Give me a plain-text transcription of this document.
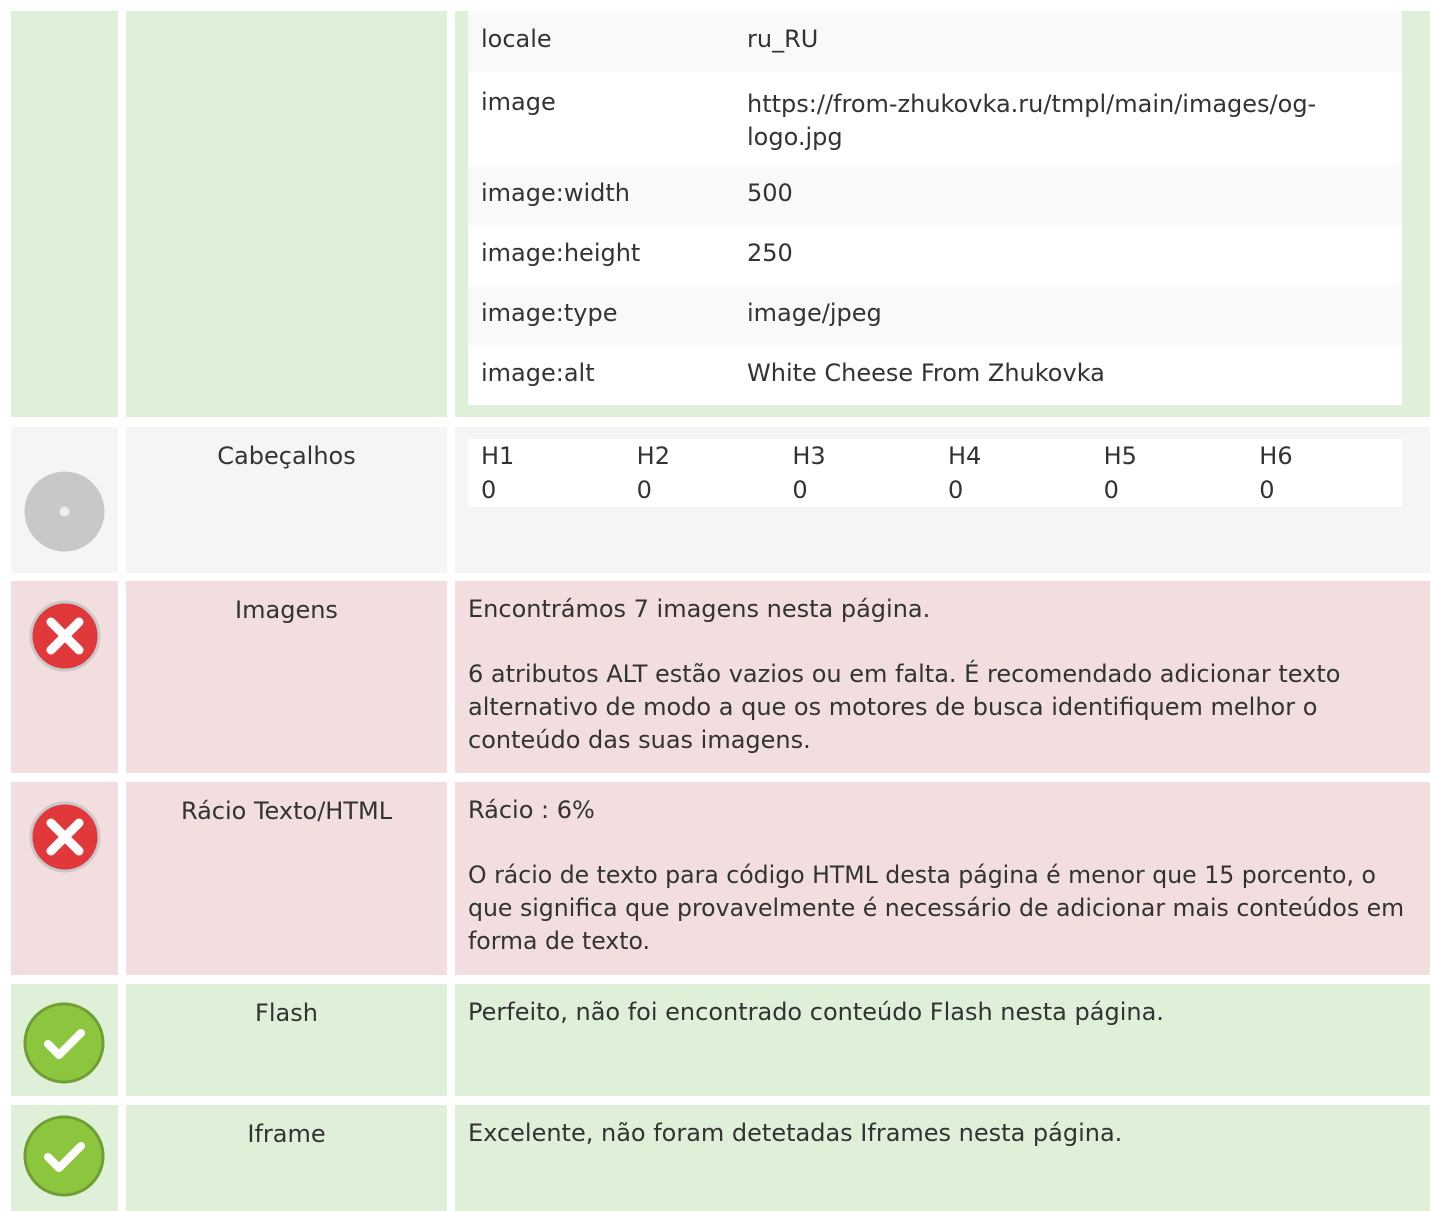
locale	ru_RU
image	https://from-zhukovka.ru/tmpl/main/images/og-logo.jpg
image:width	500
image:height	250
image:type	image/jpeg
image:alt	White Cheese From Zhukovka
Cabeçalhos	H1	H2	H3	H4	H5	H6
0	0	0	0	0	0
Imagens	Encontrámos 7 imagens nesta página.

6 atributos ALT estão vazios ou em falta. É recomendado adicionar texto alternativo de modo a que os motores de busca identifiquem melhor o conteúdo das suas imagens.

Rácio Texto/HTML	Rácio : 6%

O rácio de texto para código HTML desta página é menor que 15 porcento, o que significa que provavelmente é necessário de adicionar mais conteúdos em forma de texto.

Flash	Perfeito, não foi encontrado conteúdo Flash nesta página.

Iframe	Excelente, não foram detetadas Iframes nesta página.
